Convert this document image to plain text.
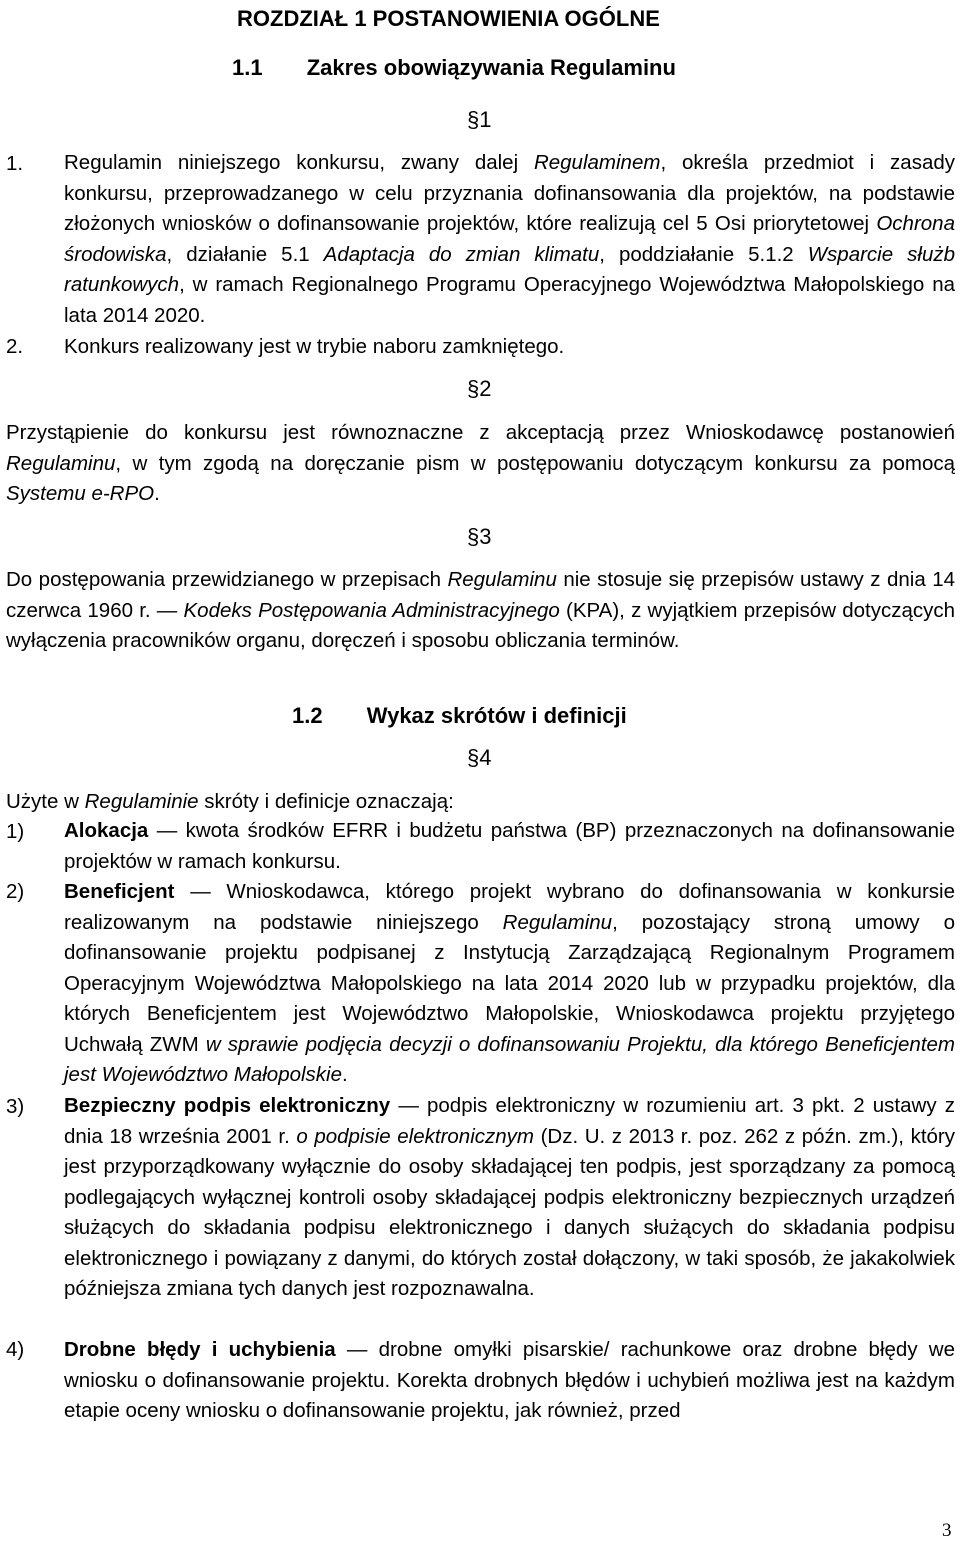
ROZDZIAŁ 1 POSTANOWIENIA OGÓLNE
1.1 Zakres obowiązywania Regulaminu
§1
1. Regulamin niniejszego konkursu, zwany dalej Regulaminem, określa przedmiot i zasady konkursu, przeprowadzanego w celu przyznania dofinansowania dla projektów, na podstawie złożonych wniosków o dofinansowanie projektów, które realizują cel 5 Osi priorytetowej Ochrona środowiska, działanie 5.1 Adaptacja do zmian klimatu, poddziałanie 5.1.2 Wsparcie służb ratunkowych, w ramach Regionalnego Programu Operacyjnego Województwa Małopolskiego na lata 2014 2020.

2. Konkurs realizowany jest w trybie naboru zamkniętego.
§2

Przystąpienie do konkursu jest równoznaczne z akceptacją przez Wnioskodawcę postanowień Regulaminu, w tym zgodą na doręczanie pism w postępowaniu dotyczącym konkursu za pomocą Systemu e-RPO.

§3

Do postępowania przewidzianego w przepisach Regulaminu nie stosuje się przepisów ustawy z dnia 14 czerwca 1960 r. — Kodeks Postępowania Administracyjnego (KPA), z wyjątkiem przepisów dotyczących wyłączenia pracowników organu, doręczeń i sposobu obliczania terminów.

1.2 Wykaz skrótów i definicji
§4
Użyte w Regulaminie skróty i definicje oznaczają:
1) Alokacja — kwota środków EFRR i budżetu państwa (BP) przeznaczonych na dofinansowanie projektów w ramach konkursu.

2) Beneficjent — Wnioskodawca, którego projekt wybrano do dofinansowania w konkursie realizowanym na podstawie niniejszego Regulaminu, pozostający stroną umowy o dofinansowanie projektu podpisanej z Instytucją Zarządzającą Regionalnym Programem Operacyjnym Województwa Małopolskiego na lata 2014 2020 lub w przypadku projektów, dla których Beneficjentem jest Województwo Małopolskie, Wnioskodawca projektu przyjętego Uchwałą ZWM w sprawie podjęcia decyzji o dofinansowaniu Projektu, dla którego Beneficjentem jest Województwo Małopolskie.

3) Bezpieczny podpis elektroniczny — podpis elektroniczny w rozumieniu art. 3 pkt. 2 ustawy z dnia 18 września 2001 r. o podpisie elektronicznym (Dz. U. z 2013 r. poz. 262 z późn. zm.), który jest przyporządkowany wyłącznie do osoby składającej ten podpis, jest sporządzany za pomocą podlegających wyłącznej kontroli osoby składającej podpis elektroniczny bezpiecznych urządzeń służących do składania podpisu elektronicznego i danych służących do składania podpisu elektronicznego i powiązany z danymi, do których został dołączony, w taki sposób, że jakakolwiek późniejsza zmiana tych danych jest rozpoznawalna.

4) Drobne błędy i uchybienia — drobne omyłki pisarskie/ rachunkowe oraz drobne błędy we wniosku o dofinansowanie projektu. Korekta drobnych błędów i uchybień możliwa jest na każdym etapie oceny wniosku o dofinansowanie projektu, jak również, przed

3
